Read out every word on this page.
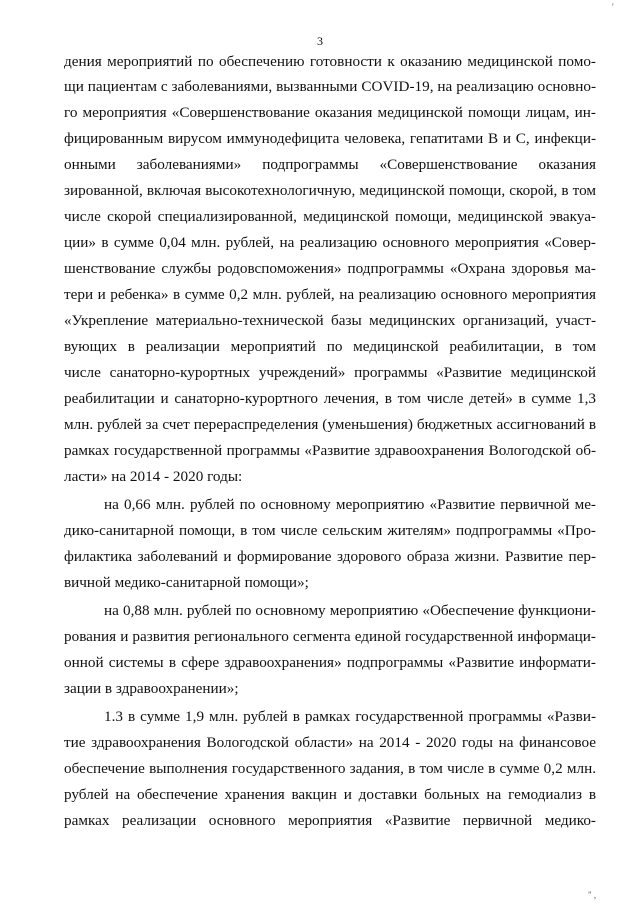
3
дения мероприятий по обеспечению готовности к оказанию медицинской помо-
щи пациентам с заболеваниями, вызванными COVID-19, на реализацию основно-
го мероприятия «Совершенствование оказания медицинской помощи лицам, ин-
фицированным вирусом иммунодефицита человека, гепатитами В и С, инфекци-
онными заболеваниями» подпрограммы «Совершенствование оказания
зированной, включая высокотехнологичную, медицинской помощи, скорой, в том
числе скорой специализированной, медицинской помощи, медицинской эвакуа-
ции» в сумме 0,04 млн. рублей, на реализацию основного мероприятия «Совер-
шенствование службы родовспоможения» подпрограммы «Охрана здоровья ма-
тери и ребенка» в сумме 0,2 млн. рублей, на реализацию основного мероприятия
«Укрепление материально-технической базы медицинских организаций, участ-
вующих в реализации мероприятий по медицинской реабилитации, в том
числе санаторно-курортных учреждений» программы «Развитие медицинской
реабилитации и санаторно-курортного лечения, в том числе детей» в сумме 1,3
млн. рублей за счет перераспределения (уменьшения) бюджетных ассигнований в
рамках государственной программы «Развитие здравоохранения Вологодской об-
ласти» на 2014 - 2020 годы:
на 0,66 млн. рублей по основному мероприятию «Развитие первичной ме-
дико-санитарной помощи, в том числе сельским жителям» подпрограммы «Про-
филактика заболеваний и формирование здорового образа жизни. Развитие пер-
вичной медико-санитарной помощи»;
на 0,88 млн. рублей по основному мероприятию «Обеспечение функциони-
рования и развития регионального сегмента единой государственной информаци-
онной системы в сфере здравоохранения» подпрограммы «Развитие информати-
зации в здравоохранении»;
1.3 в сумме 1,9 млн. рублей в рамках государственной программы «Разви-
тие здравоохранения Вологодской области» на 2014 - 2020 годы на финансовое
обеспечение выполнения государственного задания, в том числе в сумме 0,2 млн.
рублей на обеспечение хранения вакцин и доставки больных на гемодиализ в
рамках реализации основного мероприятия «Развитие первичной медико-
'
" ,
